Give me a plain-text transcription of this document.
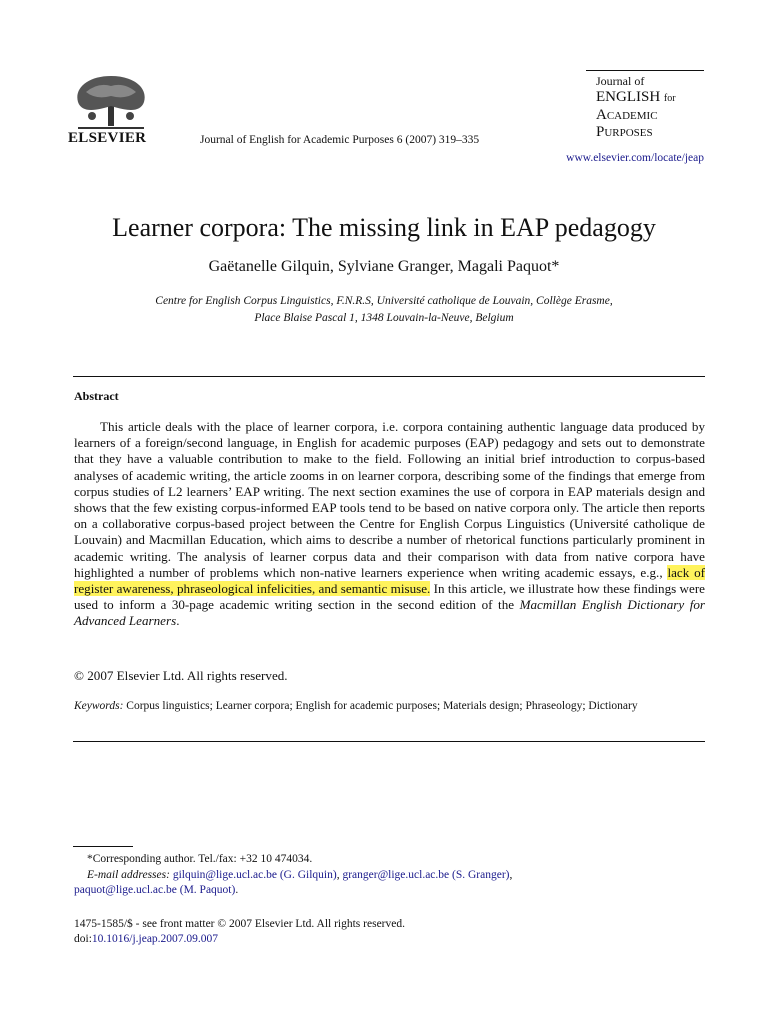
ELSEVIER	Journal of English for Academic Purposes 6 (2007) 319–335
Journal of
ENGLISH for
Academic
Purposes
www.elsevier.com/locate/jeap
Learner corpora: The missing link in EAP pedagogy
Gaëtanelle Gilquin, Sylviane Granger, Magali Paquot*
Centre for English Corpus Linguistics, F.N.R.S, Université catholique de Louvain, Collège Erasme,
Place Blaise Pascal 1, 1348 Louvain-la-Neuve, Belgium
Abstract
This article deals with the place of learner corpora, i.e. corpora containing authentic language data produced by learners of a foreign/second language, in English for academic purposes (EAP) pedagogy and sets out to demonstrate that they have a valuable contribution to make to the field. Following an initial brief introduction to corpus-based analyses of academic writing, the article zooms in on learner corpora, describing some of the findings that emerge from corpus studies of L2 learners’ EAP writing. The next section examines the use of corpora in EAP materials design and shows that the few existing corpus-informed EAP tools tend to be based on native corpora only. The article then reports on a collaborative corpus-based project between the Centre for English Corpus Linguistics (Université catholique de Louvain) and Macmillan Education, which aims to describe a number of rhetorical functions particularly prominent in academic writing. The analysis of learner corpus data and their comparison with data from native corpora have highlighted a number of problems which non-native learners experience when writing academic essays, e.g., lack of register awareness, phraseological infelicities, and semantic misuse. In this article, we illustrate how these findings were used to inform a 30-page academic writing section in the second edition of the Macmillan English Dictionary for Advanced Learners.
© 2007 Elsevier Ltd. All rights reserved.
Keywords: Corpus linguistics; Learner corpora; English for academic purposes; Materials design; Phraseology; Dictionary
*Corresponding author. Tel./fax: +32 10 474034.
E-mail addresses: gilquin@lige.ucl.ac.be (G. Gilquin), granger@lige.ucl.ac.be (S. Granger),
paquot@lige.ucl.ac.be (M. Paquot).
1475-1585/$ - see front matter © 2007 Elsevier Ltd. All rights reserved.
doi:10.1016/j.jeap.2007.09.007
